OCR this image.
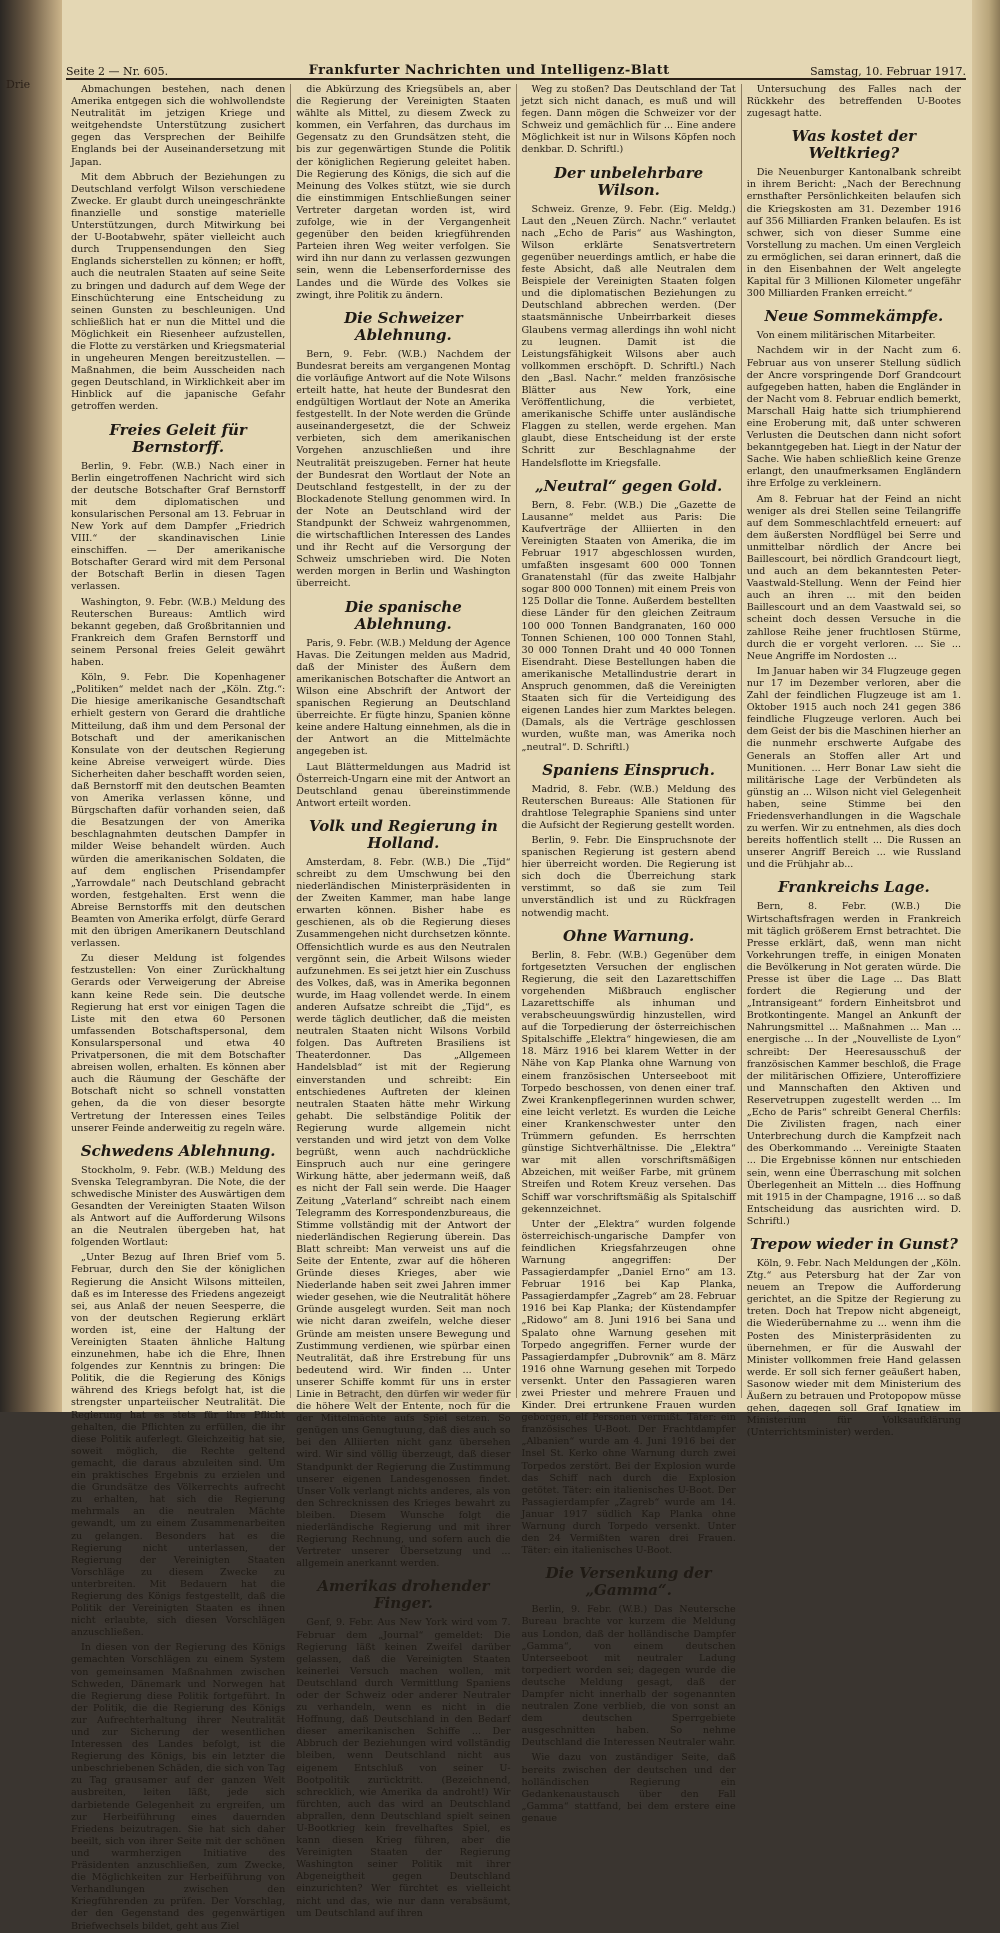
Drie
Seite 2 — Nr. 605.	Frankfurter Nachrichten und Intelligenz-Blatt	Samstag, 10. Februar 1917.

Abmachungen bestehen, nach denen Amerika entgegen sich die wohlwollendste Neutralität im jetzigen Kriege und weitgehendste Unterstützung zusichert gegen das Versprechen der Beihilfe Englands bei der Auseinandersetzung mit Japan.

Mit dem Abbruch der Beziehungen zu Deutschland verfolgt Wilson verschiedene Zwecke. Er glaubt durch uneingeschränkte finanzielle und sonstige materielle Unterstützungen, durch Mitwirkung bei der U-Bootabwehr, später vielleicht auch durch Truppensendungen den Sieg Englands sicherstellen zu können; er hofft, auch die neutralen Staaten auf seine Seite zu bringen und dadurch auf dem Wege der Einschüchterung eine Entscheidung zu seinen Gunsten zu beschleunigen. Und schließlich hat er nun die Mittel und die Möglichkeit ein Riesenheer aufzustellen, die Flotte zu verstärken und Kriegsmaterial in ungeheuren Mengen bereitzustellen. — Maßnahmen, die beim Ausscheiden nach gegen Deutschland, in Wirklichkeit aber im Hinblick auf die japanische Gefahr getroffen werden.

Freies Geleit für Bernstorff.

Berlin, 9. Febr. (W.B.) Nach einer in Berlin eingetroffenen Nachricht wird sich der deutsche Botschafter Graf Bernstorff mit dem diplomatischen und konsularischen Personal am 13. Februar in New York auf dem Dampfer „Friedrich VIII.“ der skandinavischen Linie einschiffen. — Der amerikanische Botschafter Gerard wird mit dem Personal der Botschaft Berlin in diesen Tagen verlassen.

Washington, 9. Febr. (W.B.) Meldung des Reuterschen Bureaus: Amtlich wird bekannt gegeben, daß Großbritannien und Frankreich dem Grafen Bernstorff und seinem Personal freies Geleit gewährt haben.

Köln, 9. Febr. Die Kopenhagener „Politiken“ meldet nach der „Köln. Ztg.“: Die hiesige amerikanische Gesandtschaft erhielt gestern von Gerard die drahtliche Mitteilung, daß ihm und dem Personal der Botschaft und der amerikanischen Konsulate von der deutschen Regierung keine Abreise verweigert würde. Dies Sicherheiten daher beschafft worden seien, daß Bernstorff mit den deutschen Beamten von Amerika verlassen könne, und Bürgschaften dafür vorhanden seien, daß die Besatzungen der von Amerika beschlagnahmten deutschen Dampfer in milder Weise behandelt würden. Auch würden die amerikanischen Soldaten, die auf dem englischen Prisendampfer „Yarrowdale“ nach Deutschland gebracht worden, festgehalten. Erst wenn die Abreise Bernstorffs mit den deutschen Beamten von Amerika erfolgt, dürfe Gerard mit den übrigen Amerikanern Deutschland verlassen.

Zu dieser Meldung ist folgendes festzustellen: Von einer Zurückhaltung Gerards oder Verweigerung der Abreise kann keine Rede sein. Die deutsche Regierung hat erst vor einigen Tagen die Liste mit den etwa 60 Personen umfassenden Botschaftspersonal, dem Konsularspersonal und etwa 40 Privatpersonen, die mit dem Botschafter abreisen wollen, erhalten. Es können aber auch die Räumung der Geschäfte der Botschaft nicht so schnell vonstatten gehen, da die von dieser besorgte Vertretung der Interessen eines Teiles unserer Feinde anderweitig zu regeln wäre.

Schwedens Ablehnung.

Stockholm, 9. Febr. (W.B.) Meldung des Svenska Telegrambyran. Die Note, die der schwedische Minister des Auswärtigen dem Gesandten der Vereinigten Staaten Wilson als Antwort auf die Aufforderung Wilsons an die Neutralen übergeben hat, hat folgenden Wortlaut:

„Unter Bezug auf Ihren Brief vom 5. Februar, durch den Sie der königlichen Regierung die Ansicht Wilsons mitteilen, daß es im Interesse des Friedens angezeigt sei, aus Anlaß der neuen Seesperre, die von der deutschen Regierung erklärt worden ist, eine der Haltung der Vereinigten Staaten ähnliche Haltung einzunehmen, habe ich die Ehre, Ihnen folgendes zur Kenntnis zu bringen: Die Politik, die die Regierung des Königs während des Kriegs befolgt hat, ist die strengster unparteiischer Neutralität. Die Regierung hat es stets für ihre Pflicht gehalten, die Pflichten zu erfüllen, die ihr diese Politik auferlegt. Gleichzeitig hat sie, soweit möglich, die Rechte geltend gemacht, die daraus abzuleiten sind. Um ein praktisches Ergebnis zu erzielen und die Grundsätze des Völkerrechts aufrecht zu erhalten, hat sich die Regierung mehrmals an die neutralen Mächte gewandt, um zu einem Zusammenarbeiten zu gelangen. Besonders hat es die Regierung nicht unterlassen, der Regierung der Vereinigten Staaten Vorschläge zu diesem Zwecke zu unterbreiten. Mit Bedauern hat die Regierung des Königs festgestellt, daß die Politik der Vereinigten Staaten es ihnen nicht erlaubte, sich diesen Vorschlägen anzuschließen.

In diesen von der Regierung des Königs gemachten Vorschlägen zu einem System von gemeinsamen Maßnahmen zwischen Schweden, Dänemark und Norwegen hat die Regierung diese Politik fortgeführt. In der Politik, die die Regierung des Königs zur Aufrechterhaltung ihrer Neutralität und zur Sicherung der wesentlichen Interessen des Landes befolgt, ist die Regierung des Königs, bis ein letzter die unbeschriebenen Schäden, die sich von Tag zu Tag grausamer auf der ganzen Welt ausbreiten, leiten läßt, jede sich darbietende Gelegenheit zu ergreifen, um zur Herbeiführung eines dauernden Friedens beizutragen. Sie hat sich daher beeilt, sich von ihrer Seite mit der schönen und warmherzigen Initiative des Präsidenten anzuschließen, zum Zwecke, die Möglichkeiten zur Herbeiführung von Verhandlungen zwischen den Kriegführenden zu prüfen. Der Vorschlag, der den Gegenstand des gegenwärtigen Briefwechsels bildet, geht aus Ziel

die Abkürzung des Kriegsübels an, aber die Regierung der Vereinigten Staaten wählte als Mittel, zu diesem Zweck zu kommen, ein Verfahren, das durchaus im Gegensatz zu den Grundsätzen steht, die bis zur gegenwärtigen Stunde die Politik der königlichen Regierung geleitet haben. Die Regierung des Königs, die sich auf die Meinung des Volkes stützt, wie sie durch die einstimmigen Entschließungen seiner Vertreter dargetan worden ist, wird zufolge, wie in der Vergangenheit gegenüber den beiden kriegführenden Parteien ihren Weg weiter verfolgen. Sie wird ihn nur dann zu verlassen gezwungen sein, wenn die Lebenserfordernisse des Landes und die Würde des Volkes sie zwingt, ihre Politik zu ändern.

Die Schweizer Ablehnung.

Bern, 9. Febr. (W.B.) Nachdem der Bundesrat bereits am vergangenen Montag die vorläufige Antwort auf die Note Wilsons erteilt hatte, hat heute der Bundesrat den endgültigen Wortlaut der Note an Amerika festgestellt. In der Note werden die Gründe auseinandergesetzt, die der Schweiz verbieten, sich dem amerikanischen Vorgehen anzuschließen und ihre Neutralität preiszugeben. Ferner hat heute der Bundesrat den Wortlaut der Note an Deutschland festgestellt, in der zu der Blockadenote Stellung genommen wird. In der Note an Deutschland wird der Standpunkt der Schweiz wahrgenommen, die wirtschaftlichen Interessen des Landes und ihr Recht auf die Versorgung der Schweiz umschrieben wird. Die Noten werden morgen in Berlin und Washington überreicht.

Die spanische Ablehnung.

Paris, 9. Febr. (W.B.) Meldung der Agence Havas. Die Zeitungen melden aus Madrid, daß der Minister des Äußern dem amerikanischen Botschafter die Antwort an Wilson eine Abschrift der Antwort der spanischen Regierung an Deutschland überreichte. Er fügte hinzu, Spanien könne keine andere Haltung einnehmen, als die in der Antwort an die Mittelmächte angegeben ist.

Laut Blättermeldungen aus Madrid ist Österreich-Ungarn eine mit der Antwort an Deutschland genau übereinstimmende Antwort erteilt worden.

Volk und Regierung in Holland.

Amsterdam, 8. Febr. (W.B.) Die „Tijd“ schreibt zu dem Umschwung bei den niederländischen Ministerpräsidenten in der Zweiten Kammer, man habe lange erwarten können. Bisher habe es geschienen, als ob die Regierung dieses Zusammengehen nicht durchsetzen könnte. Offensichtlich wurde es aus den Neutralen vergönnt sein, die Arbeit Wilsons wieder aufzunehmen. Es sei jetzt hier ein Zuschuss des Volkes, daß, was in Amerika begonnen wurde, im Haag vollendet werde. In einem anderen Aufsatze schreibt die „Tijd“, es werde täglich deutlicher, daß die meisten neutralen Staaten nicht Wilsons Vorbild folgen. Das Auftreten Brasiliens ist Theaterdonner. Das „Allgemeen Handelsblad“ ist mit der Regierung einverstanden und schreibt: Ein entschiedenes Auftreten der kleinen neutralen Staaten hätte mehr Wirkung gehabt. Die selbständige Politik der Regierung wurde allgemein nicht verstanden und wird jetzt von dem Volke begrüßt, wenn auch nachdrückliche Einspruch auch nur eine geringere Wirkung hätte, aber jedermann weiß, daß es nicht der Fall sein werde. Die Haager Zeitung „Vaterland“ schreibt nach einem Telegramm des Korrespondenzbureaus, die Stimme vollständig mit der Antwort der niederländischen Regierung überein. Das Blatt schreibt: Man verweist uns auf die Seite der Entente, zwar auf die höheren Gründe dieses Krieges, aber wie Niederlande haben seit zwei Jahren immer wieder gesehen, wie die Neutralität höhere Gründe ausgelegt wurden. Seit man noch wie nicht daran zweifeln, welche dieser Gründe am meisten unsere Bewegung und Zustimmung verdienen, wie spürbar einen Neutralität, daß ihre Erstrebung für uns bedeutend wird. Wir finden ... Unter unserer Schiffe kommt für uns in erster Linie in Betracht, den dürfen wir weder für die höhere Welt der Entente, noch für die der Mittelmächte aufs Spiel setzen. So genügen uns Genugtuung, daß dies auch so bei den Alliierten nicht ganz übersehen wird. Wir sind völlig überzeugt, daß dieser Standpunkt der Regierung die Zustimmung unserer eigenen Landesgenossen findet. Unser Volk verlangt nichts anderes, als von den Schrecknissen des Krieges bewahrt zu bleiben. Diesem Wunsche folgt die niederländische Regierung und mit ihrer Regierung Rechnung, und sofern auch die Vertreter unserer Übersetzung und ... allgemein anerkannt werden.

Amerikas drohender Finger.

Genf, 9. Febr. Aus New York wird vom 7. Februar dem „Journal“ gemeldet: Die Regierung läßt keinen Zweifel darüber gelassen, daß die Vereinigten Staaten keinerlei Versuch machen wollen, mit Deutschland durch Vermittlung Spaniens oder der Schweiz oder anderer Neutraler zu verhandeln, wenn es nicht in die Hoffnung, daß Deutschland in den Bedarf dieser amerikanischen Schiffe ... Der Abbruch der Beziehungen wird vollständig bleiben, wenn Deutschland nicht aus eigenem Entschluß von seiner U-Bootpolitik zurücktritt. (Bezeichnend, schrecklich, wie Amerika da androht!) Wir fürchten, auch das wird an Deutschland abprallen, denn Deutschland spielt seinen U-Bootkrieg kein frevelhaftes Spiel, es kann diesen Krieg führen, aber die Vereinigten Staaten der Regierung Washington seiner Politik mit ihrer Abgeneigtheit gegen Deutschland einzurichten? Wer fürchtet es vielleicht nicht und das, wie nur dann verabsäumt, um Deutschland auf ihren

Weg zu stoßen? Das Deutschland der Tat jetzt sich nicht danach, es muß und will fegen. Dann mögen die Schweizer vor der Schweiz und gemächlich für ... Eine andere Möglichkeit ist nur in Wilsons Köpfen noch denkbar. D. Schriftl.)

Der unbelehrbare Wilson.

Schweiz. Grenze, 9. Febr. (Eig. Meldg.) Laut den „Neuen Zürch. Nachr.“ verlautet nach „Echo de Paris“ aus Washington, Wilson erklärte Senatsvertretern gegenüber neuerdings amtlich, er habe die feste Absicht, daß alle Neutralen dem Beispiele der Vereinigten Staaten folgen und die diplomatischen Beziehungen zu Deutschland abbrechen werden. (Der staatsmännische Unbeirrbarkeit dieses Glaubens vermag allerdings ihn wohl nicht zu leugnen. Damit ist die Leistungsfähigkeit Wilsons aber auch vollkommen erschöpft. D. Schriftl.) Nach den „Basl. Nachr.“ melden französische Blätter aus New York, eine Veröffentlichung, die verbietet, amerikanische Schiffe unter ausländische Flaggen zu stellen, werde ergehen. Man glaubt, diese Entscheidung ist der erste Schritt zur Beschlagnahme der Handelsflotte im Kriegsfalle.

„Neutral“ gegen Gold.

Bern, 8. Febr. (W.B.) Die „Gazette de Lausanne“ meldet aus Paris: Die Kaufverträge der Alliierten in den Vereinigten Staaten von Amerika, die im Februar 1917 abgeschlossen wurden, umfaßten insgesamt 600 000 Tonnen Granatenstahl (für das zweite Halbjahr sogar 800 000 Tonnen) mit einem Preis von 125 Dollar die Tonne. Außerdem bestellten diese Länder für den gleichen Zeitraum 100 000 Tonnen Bandgranaten, 160 000 Tonnen Schienen, 100 000 Tonnen Stahl, 30 000 Tonnen Draht und 40 000 Tonnen Eisendraht. Diese Bestellungen haben die amerikanische Metallindustrie derart in Anspruch genommen, daß die Vereinigten Staaten sich für die Verteidigung des eigenen Landes hier zum Marktes belegen. (Damals, als die Verträge geschlossen wurden, wußte man, was Amerika noch „neutral“. D. Schriftl.)

Spaniens Einspruch.

Madrid, 8. Febr. (W.B.) Meldung des Reuterschen Bureaus: Alle Stationen für drahtlose Telegraphie Spaniens sind unter die Aufsicht der Regierung gestellt worden.

Berlin, 9. Febr. Die Einspruchsnote der spanischen Regierung ist gestern abend hier überreicht worden. Die Regierung ist sich doch die Überreichung stark verstimmt, so daß sie zum Teil unverständlich ist und zu Rückfragen notwendig macht.

Ohne Warnung.

Berlin, 8. Febr. (W.B.) Gegenüber dem fortgesetzten Versuchen der englischen Regierung, die seit den Lazarettschiffen vorgehenden Mißbrauch englischer Lazarettschiffe als inhuman und verabscheuungswürdig hinzustellen, wird auf die Torpedierung der österreichischen Spitalschiffe „Elektra“ hingewiesen, die am 18. März 1916 bei klarem Wetter in der Nähe von Kap Planka ohne Warnung von einem französischen Unterseeboot mit Torpedo beschossen, von denen einer traf. Zwei Krankenpflegerinnen wurden schwer, eine leicht verletzt. Es wurden die Leiche einer Krankenschwester unter den Trümmern gefunden. Es herrschten günstige Sichtverhältnisse. Die „Elektra“ war mit allen vorschriftsmäßigen Abzeichen, mit weißer Farbe, mit grünem Streifen und Rotem Kreuz versehen. Das Schiff war vorschriftsmäßig als Spitalschiff gekennzeichnet.

Unter der „Elektra“ wurden folgende österreichisch-ungarische Dampfer von feindlichen Kriegsfahrzeugen ohne Warnung angegriffen: Der Passagierdampfer „Daniel Erno“ am 13. Februar 1916 bei Kap Planka, Passagierdampfer „Zagreb“ am 28. Februar 1916 bei Kap Planka; der Küstendampfer „Ridowo“ am 8. Juni 1916 bei Sana und Spalato ohne Warnung gesehen mit Torpedo angegriffen. Ferner wurde der Passagierdampfer „Dubrovnik“ am 8. März 1916 ohne Warnung gesehen mit Torpedo versenkt. Unter den Passagieren waren zwei Priester und mehrere Frauen und Kinder. Drei ertrunkene Frauen wurden geborgen, elf Personen vermißt. Täter: ein französisches U-Boot. Der Frachtdampfer „Albanien“ wurde am 4. Juni 1916 bei der Insel St. Kerko ohne Warnung durch zwei Torpedos zerstört. Bei der Explosion wurde das Schiff nach durch die Explosion getötet. Täter: ein italienisches U-Boot. Der Passagierdampfer „Zagreb“ wurde am 14. Januar 1917 südlich Kap Planka ohne Warnung durch Torpedo versenkt. Unter den 24 Vermißten waren drei Frauen. Täter: ein italienisches U-Boot.

Die Versenkung der „Gamma“.

Berlin, 9. Febr. (W.B.) Das Neutersche Bureau brachte vor kurzem die Meldung aus London, daß der holländische Dampfer „Gamma“, von einem deutschen Unterseeboot mit neutraler Ladung torpediert worden sei; dagegen wurde die deutsche Meldung gesagt, daß der Dampfer nicht innerhalb der sogenannten neutralen Zone verblieb, die von sonst an dem deutschen Sperrgebiete ausgeschnitten haben. So nehme Deutschland die Interessen Neutraler wahr.

Wie dazu von zuständiger Seite, daß bereits zwischen der deutschen und der holländischen Regierung ein Gedankenaustausch über den Fall „Gamma“ stattfand, bei dem erstere eine genaue

Untersuchung des Falles nach der Rückkehr des betreffenden U-Bootes zugesagt hatte.

Was kostet der Weltkrieg?

Die Neuenburger Kantonalbank schreibt in ihrem Bericht: „Nach der Berechnung ernsthafter Persönlichkeiten belaufen sich die Kriegskosten am 31. Dezember 1916 auf 356 Milliarden Franken belaufen. Es ist schwer, sich von dieser Summe eine Vorstellung zu machen. Um einen Vergleich zu ermöglichen, sei daran erinnert, daß die in den Eisenbahnen der Welt angelegte Kapital für 3 Millionen Kilometer ungefähr 300 Milliarden Franken erreicht.“

Neue Sommekämpfe.

Von einem militärischen Mitarbeiter.

Nachdem wir in der Nacht zum 6. Februar aus von unserer Stellung südlich der Ancre vorspringende Dorf Grandcourt aufgegeben hatten, haben die Engländer in der Nacht vom 8. Februar endlich bemerkt, Marschall Haig hatte sich triumphierend eine Eroberung mit, daß unter schweren Verlusten die Deutschen dann nicht sofort bekanntgegeben hat. Liegt in der Natur der Sache. Wie haben schließlich keine Grenze erlangt, den unaufmerksamen Engländern ihre Erfolge zu verkleinern.

Am 8. Februar hat der Feind an nicht weniger als drei Stellen seine Teilangriffe auf dem Sommeschlachtfeld erneuert: auf dem äußersten Nordflügel bei Serre und unmittelbar nördlich der Ancre bei Baillescourt, bei nördlich Grandcourt liegt, und auch an dem bekanntesten Peter-Vaastwald-Stellung. Wenn der Feind hier auch an ihren ... mit den beiden Baillescourt und an dem Vaastwald sei, so scheint doch dessen Versuche in die zahllose Reihe jener fruchtlosen Stürme, durch die er vorgeht verloren. ... Sie ... Neue Angriffe im Nordosten ...

Im Januar haben wir 34 Flugzeuge gegen nur 17 im Dezember verloren, aber die Zahl der feindlichen Flugzeuge ist am 1. Oktober 1915 auch noch 241 gegen 386 feindliche Flugzeuge verloren. Auch bei dem Geist der bis die Maschinen hierher an die nunmehr erschwerte Aufgabe des Generals an Stoffen aller Art und Munitionen. ... Herr Bonar Law sieht die militärische Lage der Verbündeten als günstig an ... Wilson nicht viel Gelegenheit haben, seine Stimme bei den Friedensverhandlungen in die Wagschale zu werfen. Wir zu entnehmen, als dies doch bereits hoffentlich stellt ... Die Russen an unserer Angriff Bereich ... wie Russland und die Frühjahr ab...

Frankreichs Lage.

Bern, 8. Febr. (W.B.) Die Wirtschaftsfragen werden in Frankreich mit täglich größerem Ernst betrachtet. Die Presse erklärt, daß, wenn man nicht Vorkehrungen treffe, in einigen Monaten die Bevölkerung in Not geraten würde. Die Presse ist über die Lage ... Das Blatt fordert die Regierung und der „Intransigeant“ fordern Einheitsbrot und Brotkontingente. Mangel an Ankunft der Nahrungsmittel ... Maßnahmen ... Man ... energische ... In der „Nouvelliste de Lyon“ schreibt: Der Heeresausschuß der französischen Kammer beschloß, die Frage der militärischen Offiziere, Unteroffiziere und Mannschaften den Aktiven und Reservetruppen zugestellt werden ... Im „Echo de Paris“ schreibt General Cherfils: Die Zivilisten fragen, nach einer Unterbrechung durch die Kampfzeit nach des Oberkommando ... Vereinigte Staaten ... Die Ergebnisse können nur entschieden sein, wenn eine Überraschung mit solchen Überlegenheit an Mitteln ... dies Hoffnung mit 1915 in der Champagne, 1916 ... so daß Entscheidung das ausrichten wird. D. Schriftl.)

Trepow wieder in Gunst?

Köln, 9. Febr. Nach Meldungen der „Köln. Ztg.“ aus Petersburg hat der Zar von neuem an Trepow die Aufforderung gerichtet, an die Spitze der Regierung zu treten. Doch hat Trepow nicht abgeneigt, die Wiederübernahme zu ... wenn ihm die Posten des Ministerpräsidenten zu übernehmen, er für die Auswahl der Minister vollkommen freie Hand gelassen werde. Er soll sich ferner geäußert haben, Sasonow wieder mit dem Ministerium des Äußern zu betrauen und Protopopow müsse gehen, dagegen soll Graf Ignatiew im Ministerium für Volksaufklärung (Unterrichtsminister) werden.
